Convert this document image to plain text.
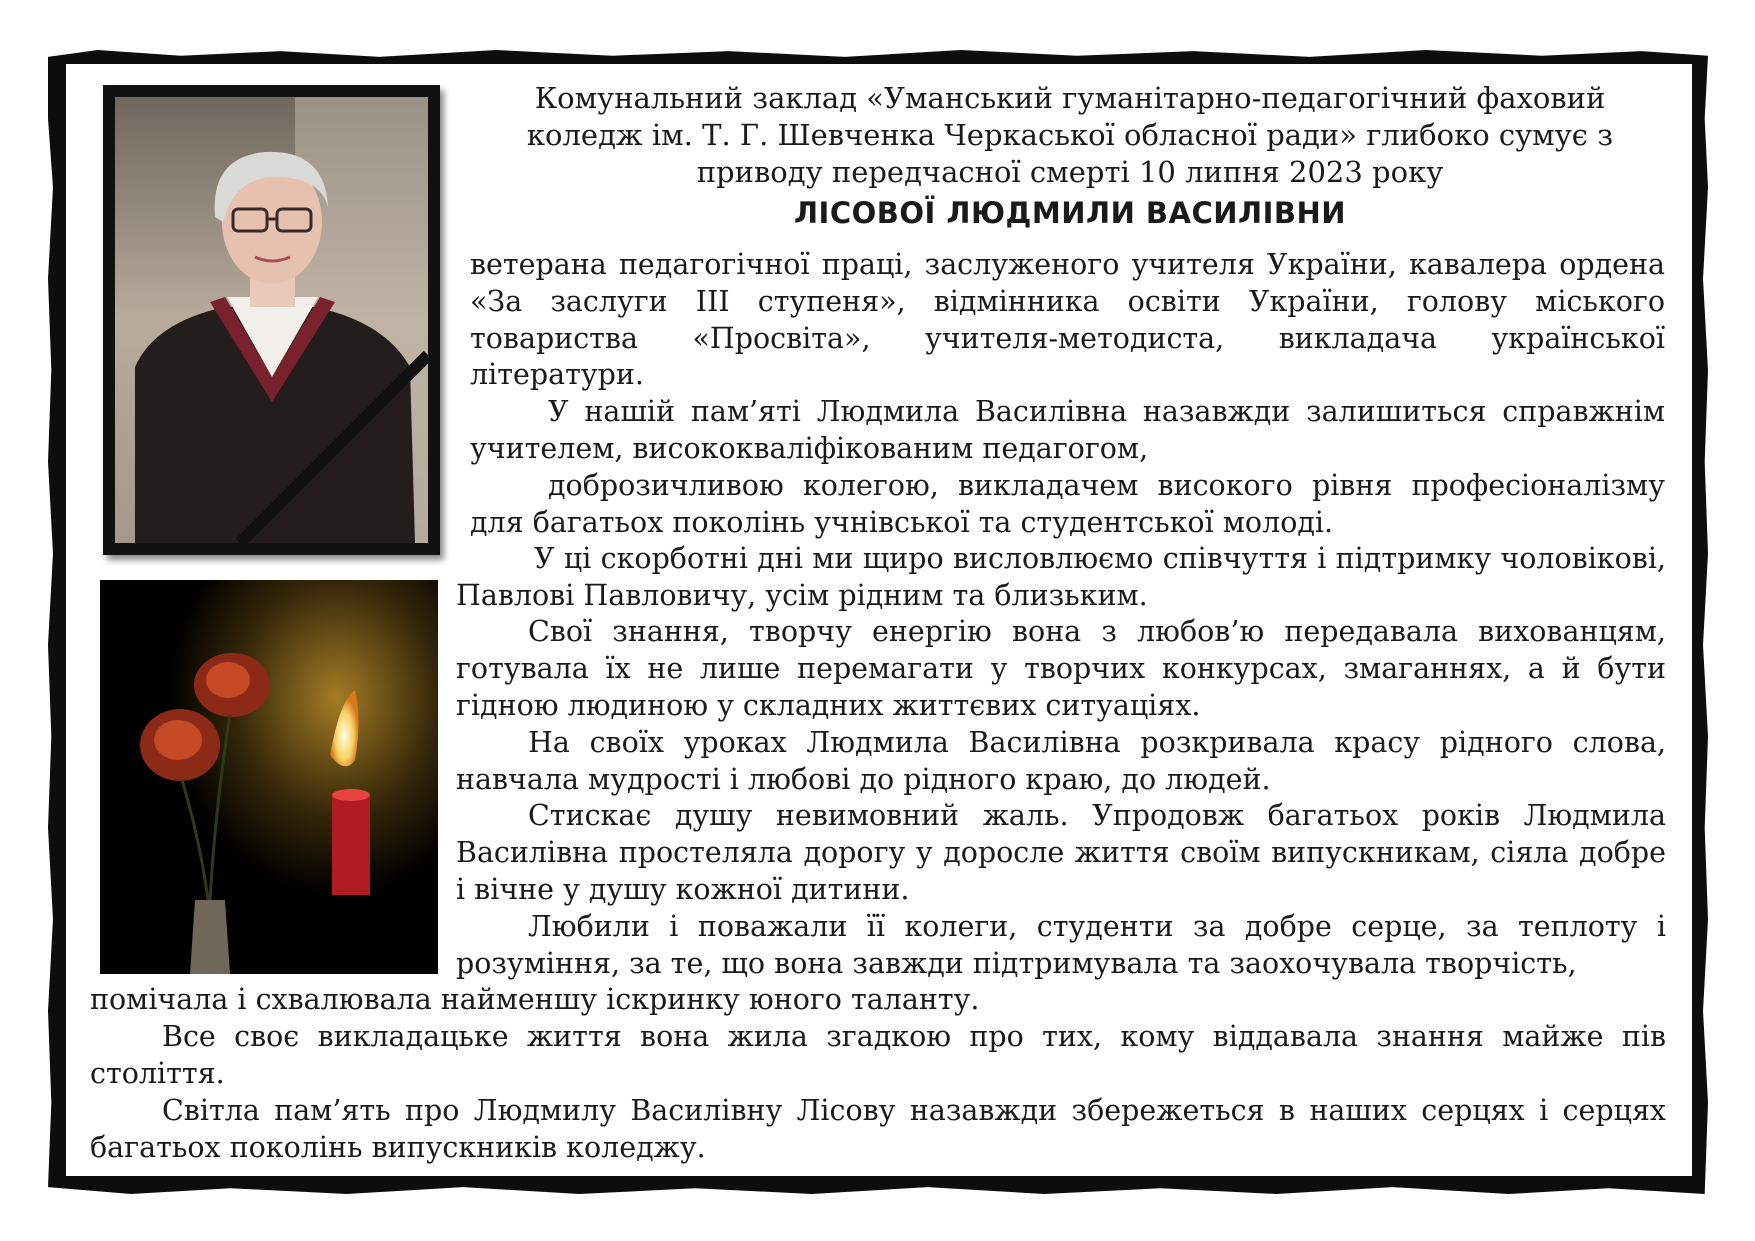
Комунальний заклад «Уманський гуманітарно-педагогічний фаховий
коледж ім. Т. Г. Шевченка Черкаської обласної ради» глибоко сумує з
приводу передчасної смерті 10 липня 2023 року
ЛІСОВОЇ ЛЮДМИЛИ ВАСИЛІВНИ
ветерана педагогічної праці, заслуженого учителя України, кавалера ордена «За заслуги ІІІ ступеня», відмінника освіти України, голову міського товариства «Просвіта», учителя-методиста, викладача української літератури.
У нашій пам’яті Людмила Василівна назавжди залишиться справжнім учителем, висококваліфікованим педагогом,
доброзичливою колегою, викладачем високого рівня професіоналізму для багатьох поколінь учнівської та студентської молоді.
У ці скорботні дні ми щиро висловлюємо співчуття і підтримку чоловікові, Павлові Павловичу, усім рідним та близьким.
Свої знання, творчу енергію вона з любов’ю передавала вихованцям, готувала їх не лише перемагати у творчих конкурсах, змаганнях, а й бути гідною людиною у складних життєвих ситуаціях.
На своїх уроках Людмила Василівна розкривала красу рідного слова, навчала мудрості і любові до рідного краю, до людей.
Стискає душу невимовний жаль. Упродовж багатьох років Людмила Василівна простеляла дорогу у доросле життя своїм випускникам, сіяла добре і вічне у душу кожної дитини.
Любили і поважали її колеги, студенти за добре серце, за теплоту і розуміння, за те, що вона завжди підтримувала та заохочувала творчість,
помічала і схвалювала найменшу іскринку юного таланту.
Все своє викладацьке життя вона жила згадкою про тих, кому віддавала знання майже пів століття.
Світла пам’ять про Людмилу Василівну Лісову назавжди збережеться в наших серцях і серцях багатьох поколінь випускників коледжу.
